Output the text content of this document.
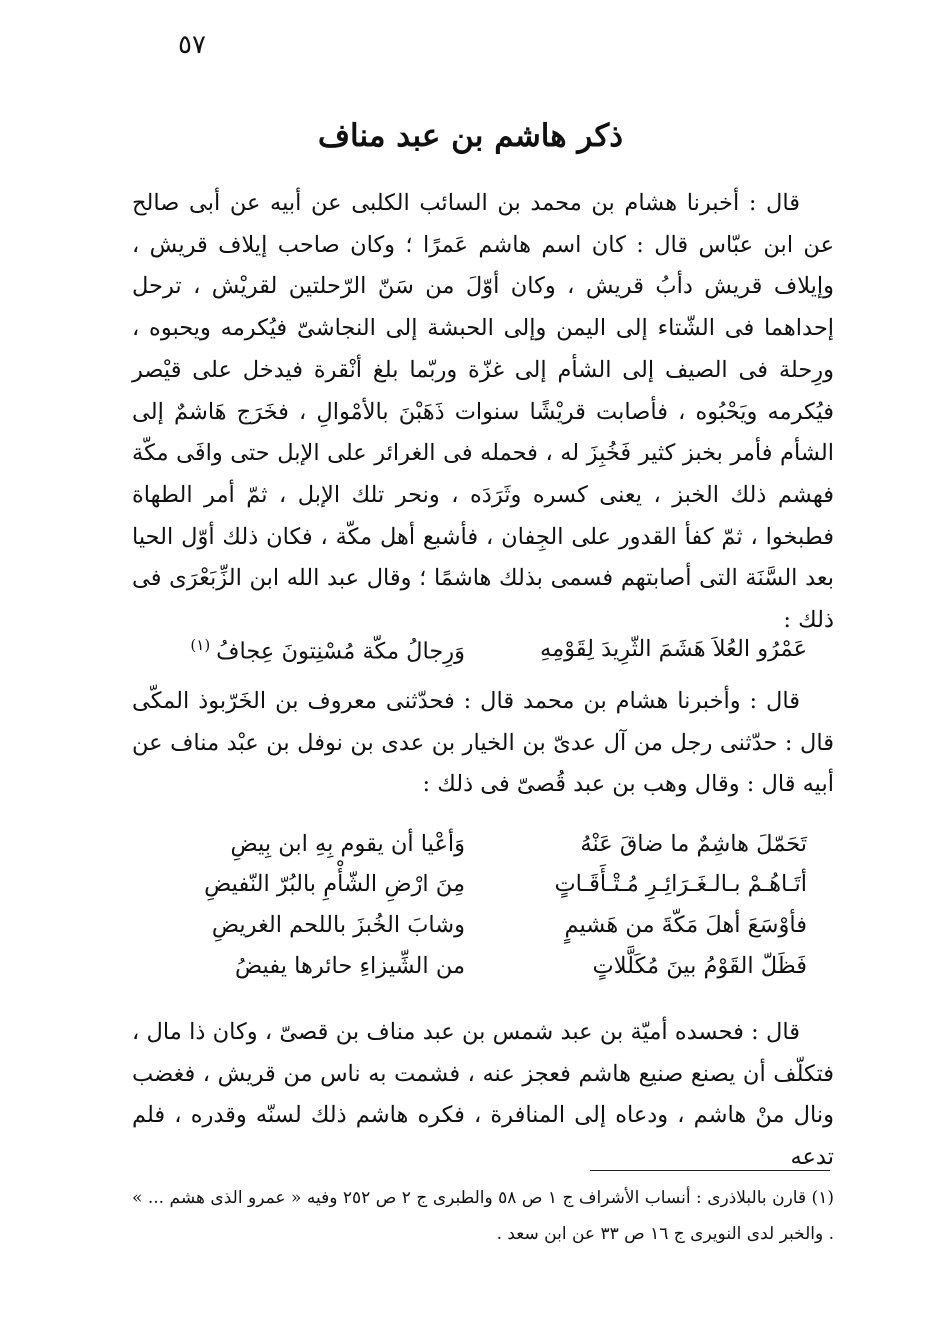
٥٧
ذكر هاشم بن عبد مناف

قال : أخبرنا هشام بن محمد بن السائب الكلبى عن أبيه عن أبى صالح عن ابن عبّاس قال : كان اسم هاشم عَمرًا ؛ وكان صاحب إيلاف قريش ، وإيلاف قريش دأبُ قريش ، وكان أوّلَ من سَنّ الرّحلتين لقريْش ، ترحل إحداهما فى الشّتاء إلى اليمن وإلى الحبشة إلى النجاشىّ فيُكرمه ويحبوه ، ورِحلة فى الصيف إلى الشأم إلى غزّة وربّما بلغ أنْقرة فيدخل على قيْصر فيُكرمه ويَحْبُوه ، فأصابت قريْشًا سنوات ذَهَبْنَ بالأمْوالِ ، فخَرَج هَاشمٌ إلى الشأم فأمر بخبز كثير فَخُبِزَ له ، فحمله فى الغرائر على الإبل حتى وافَى مكّة فهشم ذلك الخبز ، يعنى كسره وثَرَدَه ، ونحر تلك الإبل ، ثمّ أمر الطهاة فطبخوا ، ثمّ كفأ القدور على الجِفان ، فأشبع أهل مكّة ، فكان ذلك أوّل الحيا بعد السَّنَة التى أصابتهم فسمى بذلك هاشمًا ؛ وقال عبد الله ابن الزِّبَعْرَى فى ذلك :

عَمْرُو العُلاَ هَشَمَ الثّرِيدَ لِقَوْمِهِ
وَرِجالُ مكّة مُسْنِتونَ عِجافُ$^{(١)}$

قال : وأخبرنا هشام بن محمد قال : فحدّثنى معروف بن الخَرّبوذ المكّى قال : حدّثنى رجل من آل عدىّ بن الخيار بن عدى بن نوفل بن عبْد مناف عن أبيه قال : وقال وهب بن عبد قُصىّ فى ذلك :

تَحَمّلَ هاشِمٌ ما ضاقَ عَنْهُ
وَأعْيا أن يقوم بِهِ ابن بِيضِ
أتَـاهُـمْ بـالـغَـرَائِـرِ مُـتْـأَقَـاتٍ
مِنَ ارْضِ الشّأْمِ بالبُرّ النّفيضِ
فأوْسَعَ أهلَ مَكّةَ من هَشيمٍ
وشابَ الخُبزَ باللحم الغريضِ
فَظَلّ القَوْمُ بينَ مُكَلَّلاتٍ
من الشِّيزاءِ حائرها يفيضُ

قال : فحسده أميّة بن عبد شمس بن عبد مناف بن قصىّ ، وكان ذا مال ، فتكلّف أن يصنع صنيع هاشم فعجز عنه ، فشمت به ناس من قريش ، فغضب ونال منْ هاشم ، ودعاه إلى المنافرة ، فكره هاشم ذلك لسنّه وقدره ، فلم تدعه

(١) قارن بالبلاذرى : أنساب الأشراف ج ١ ص ٥٨ والطبرى ج ٢ ص ٢٥٢ وفيه « عمرو الذى هشم ... » . والخبر لدى النويرى ج ١٦ ص ٣٣ عن ابن سعد .
